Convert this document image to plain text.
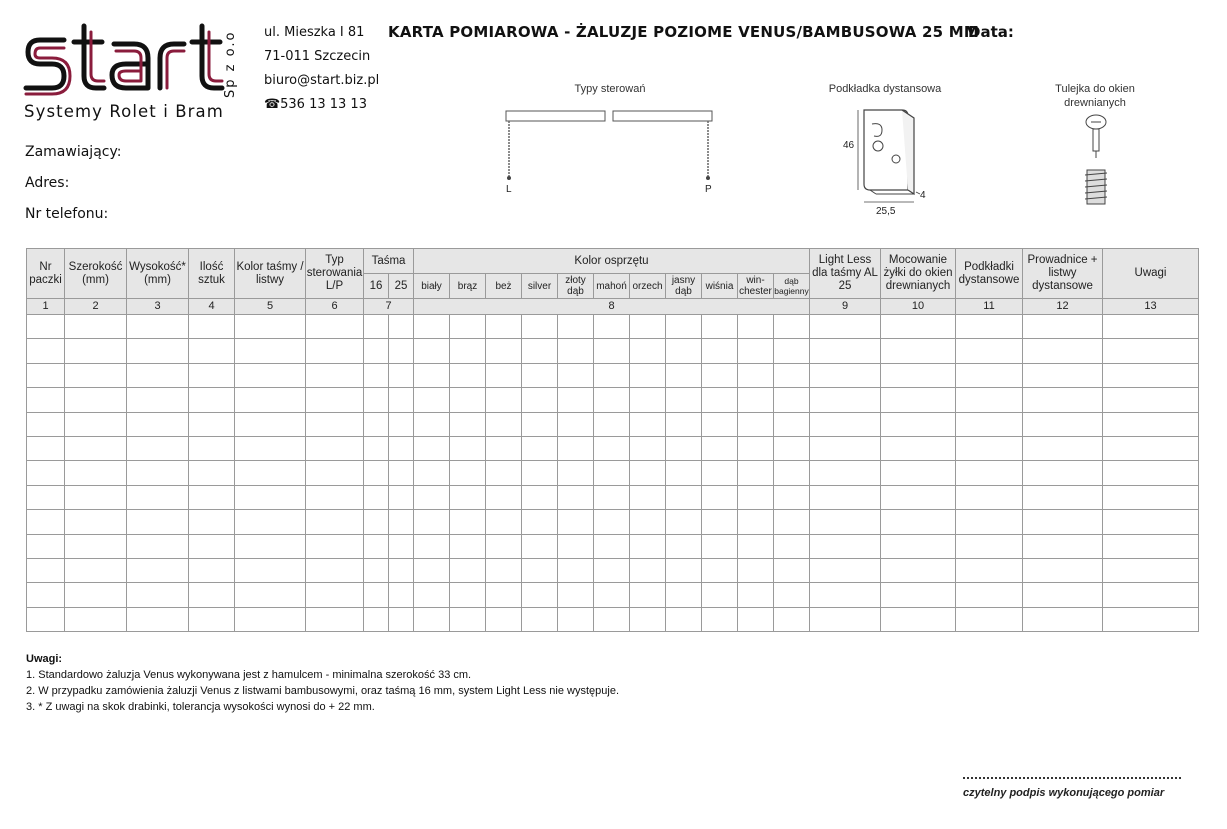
Sp z o.o
Systemy Rolet i Bram
ul. Mieszka I 81
71-011 Szczecin
biuro@start.biz.pl
☎ 536 13 13 13
KARTA POMIAROWA - ŻALUZJE POZIOME VENUS/BAMBUSOWA 25 MM
Data:
Zamawiający:
Adres:
Nr telefonu:
Typy sterowań
L	P
Podkładka dystansowa
46
25,5
4
Tulejka do okien drewnianych
Nr paczki	Szerokość (mm)	Wysokość* (mm)	Ilość sztuk	Kolor taśmy / listwy	Typ sterowania L/P	Taśma		Kolor osprzętu											Light Less dla taśmy AL 25	Mocowanie żyłki do okien drewnianych	Podkładki dystansowe	Prowadnice + listwy dystansowe	Uwagi
						16	25	biały	brąz	beż	silver	złoty dąb	mahoń	orzech	jasny dąb	wiśnia	win-chester	dąb bagienny					
1	2	3	4	5	6	7		8											9	10	11	12	13

Uwagi:
1. Standardowo żaluzja Venus wykonywana jest z hamulcem - minimalna szerokość 33 cm.
2. W przypadku zamówienia żaluzji Venus z listwami bambusowymi, oraz taśmą 16 mm, system Light Less nie występuje.
3. * Z uwagi na skok drabinki, tolerancja wysokości wynosi do + 22 mm.
czytelny podpis wykonującego pomiar
